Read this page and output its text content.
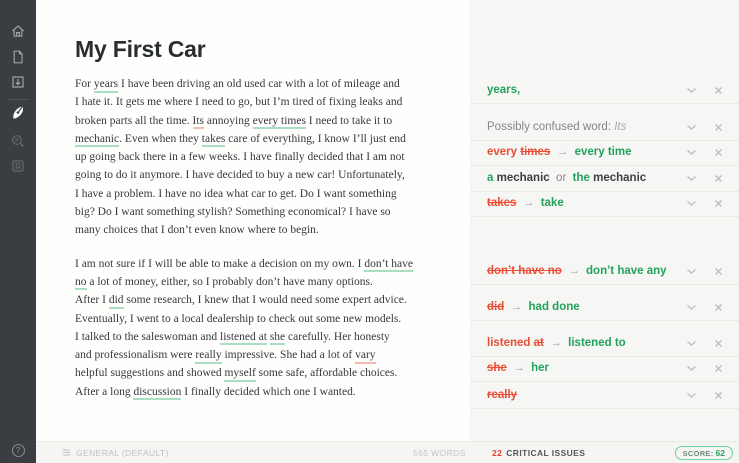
?
My First Car
For years I have been driving an old used car with a lot of mileage and
I hate it. It gets me where I need to go, but I’m tired of fixing leaks and
broken parts all the time. Its annoying every times I need to take it to
mechanic. Even when they takes care of everything, I know I’ll just end
up going back there in a few weeks. I have finally decided that I am not
going to do it anymore. I have decided to buy a new car! Unfortunately,
I have a problem. I have no idea what car to get. Do I want something
big? Do I want something stylish? Something economical? I have so
many choices that I don’t even know where to begin.
I am not sure if I will be able to make a decision on my own. I don’t have
no a lot of money, either, so I probably don’t have many options.
After I did some research, I knew that I would need some expert advice.
Eventually, I went to a local dealership to check out some new models.
I talked to the saleswoman and listened at she carefully. Her honesty
and professionalism were really impressive. She had a lot of vary
helpful suggestions and showed myself some safe, affordable choices.
After a long discussion I finally decided which one I wanted.
years,
Possibly confused word: Its
every times  →  every time
a mechanic  or the mechanic
takes  →  take
don’t have no  →  don’t have any
did  →  had done
listened at  →  listened to
she  →  her
really
GENERAL (DEFAULT)	565 WORDS	22 CRITICAL ISSUES	SCORE: 62
